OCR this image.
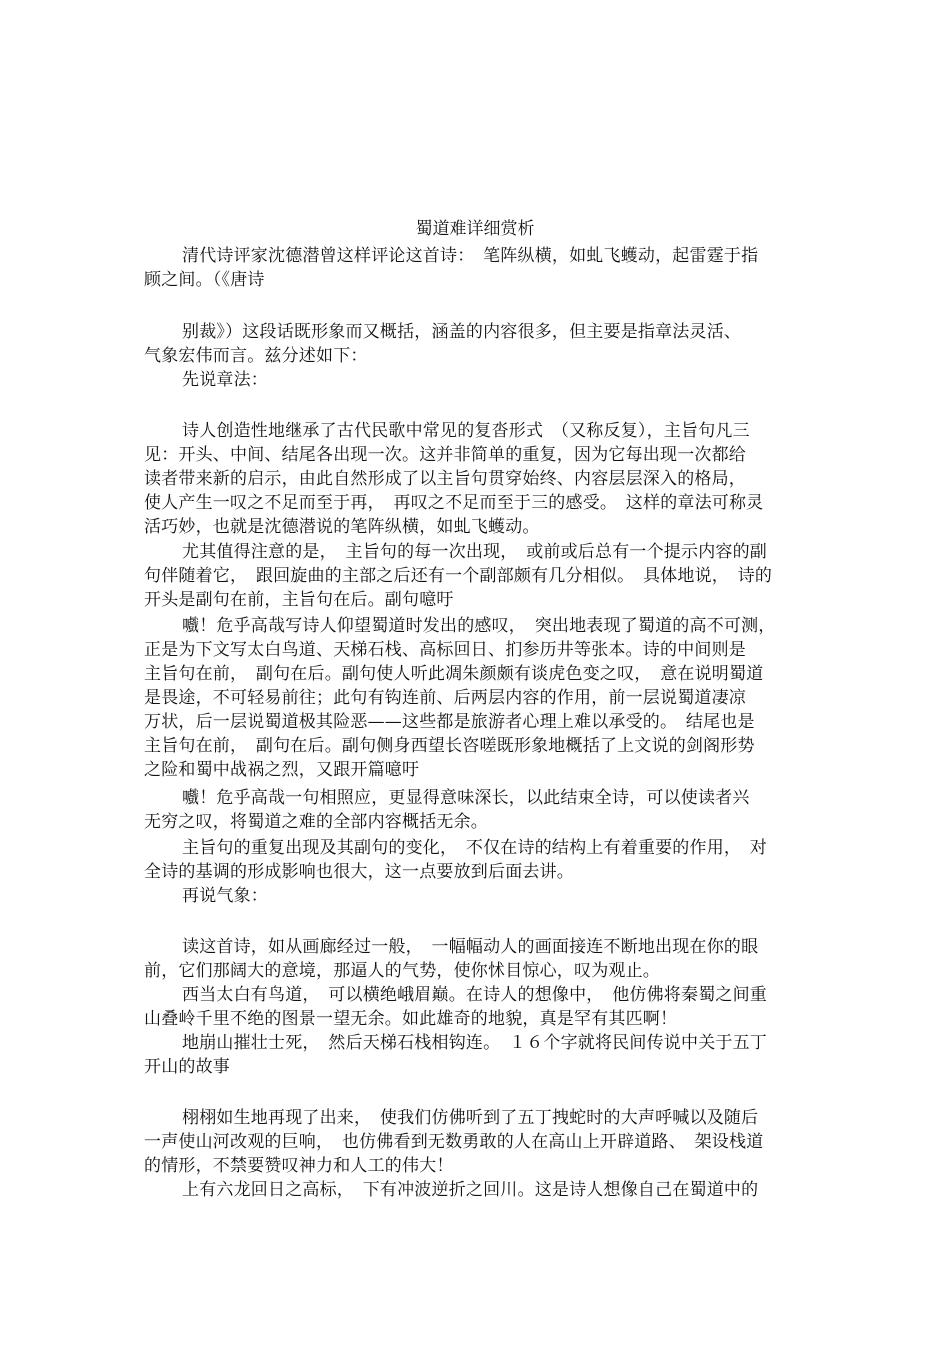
蜀道难详细赏析
清代诗评家沈德潜曾这样评论这首诗：　笔阵纵横，如虬飞蠖动，起雷霆于指
顾之间。（《唐诗
别裁》）这段话既形象而又概括，涵盖的内容很多，但主要是指章法灵活、
气象宏伟而言。兹分述如下：
先说章法：
诗人创造性地继承了古代民歌中常见的复沓形式　（又称反复），主旨句凡三
见：开头、中间、结尾各出现一次。这并非简单的重复，因为它每出现一次都给
读者带来新的启示，由此自然形成了以主旨句贯穿始终、内容层层深入的格局，
使人产生一叹之不足而至于再，　再叹之不足而至于三的感受。　这样的章法可称灵
活巧妙，也就是沈德潜说的笔阵纵横，如虬飞蠖动。
尤其值得注意的是，　主旨句的每一次出现，　或前或后总有一个提示内容的副
句伴随着它，　跟回旋曲的主部之后还有一个副部颇有几分相似。　具体地说，　诗的
开头是副句在前，主旨句在后。副句噫吁
嚱！危乎高哉写诗人仰望蜀道时发出的感叹，　突出地表现了蜀道的高不可测，
正是为下文写太白鸟道、天梯石栈、高标回日、扪参历井等张本。诗的中间则是
主旨句在前，　副句在后。副句使人听此凋朱颜颇有谈虎色变之叹，　意在说明蜀道
是畏途，不可轻易前往；此句有钩连前、后两层内容的作用，前一层说蜀道凄凉
万状，后一层说蜀道极其险恶——这些都是旅游者心理上难以承受的。　结尾也是
主旨句在前，　副句在后。副句侧身西望长咨嗟既形象地概括了上文说的剑阁形势
之险和蜀中战祸之烈，又跟开篇噫吁
嚱！危乎高哉一句相照应，更显得意味深长，以此结束全诗，可以使读者兴
无穷之叹，将蜀道之难的全部内容概括无余。
主旨句的重复出现及其副句的变化，　不仅在诗的结构上有着重要的作用，　对
全诗的基调的形成影响也很大，这一点要放到后面去讲。
再说气象：
读这首诗，如从画廊经过一般，　一幅幅动人的画面接连不断地出现在你的眼
前，它们那阔大的意境，那逼人的气势，使你怵目惊心，叹为观止。
西当太白有鸟道，　可以横绝峨眉巅。在诗人的想像中，　他仿佛将秦蜀之间重
山叠岭千里不绝的图景一望无余。如此雄奇的地貌，真是罕有其匹啊！
地崩山摧壮士死，　然后天梯石栈相钩连。　１６个字就将民间传说中关于五丁
开山的故事
栩栩如生地再现了出来，　使我们仿佛听到了五丁拽蛇时的大声呼喊以及随后
一声使山河改观的巨响，　也仿佛看到无数勇敢的人在高山上开辟道路、　架设栈道
的情形，不禁要赞叹神力和人工的伟大！
上有六龙回日之高标，　下有冲波逆折之回川。这是诗人想像自己在蜀道中的
